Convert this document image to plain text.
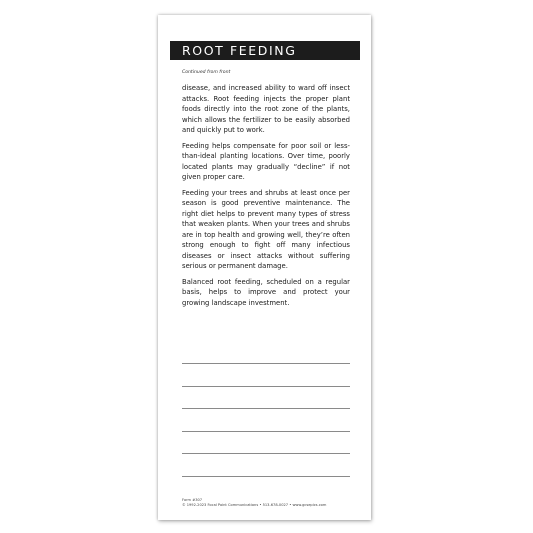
ROOT FEEDING
Continued from front

disease, and increased ability to ward off insect attacks. Root feeding injects the proper plant foods directly into the root zone of the plants, which allows the fertilizer to be easily absorbed and quickly put to work.

Feeding helps compensate for poor soil or less-than-ideal planting locations. Over time, poorly located plants may gradually “decline” if not given proper care.

Feeding your trees and shrubs at least once per season is good preventive maintenance. The right diet helps to prevent many types of stress that weaken plants. When your trees and shrubs are in top health and growing well, they’re often strong enough to fight off many infectious diseases or insect attacks without suffering serious or permanent damage.

Balanced root feeding, scheduled on a regular basis, helps to improve and protect your growing landscape investment.

Form #307
© 1992-2023 Focal Point Communications • 513-678-0027 • www.gcsepics.com
